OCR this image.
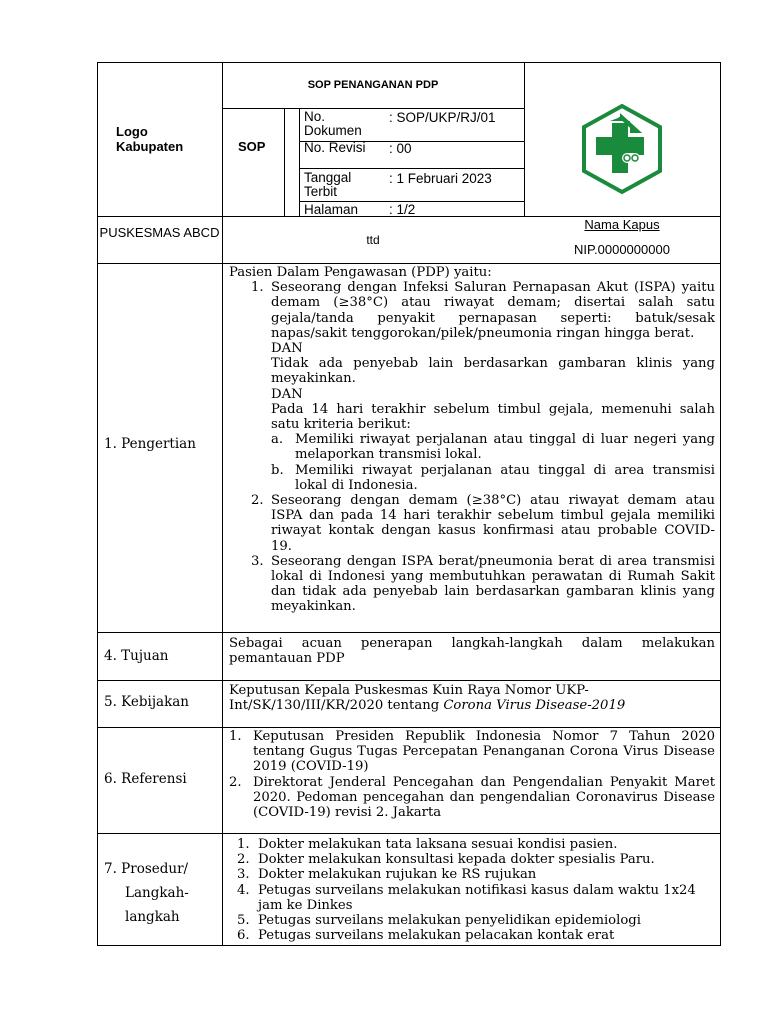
Logo
Kabupaten
SOP PENANGANAN PDP
SOP
No. Dokumen
: SOP/UKP/RJ/01
No. Revisi	: 00
Tanggal Terbit
: 1 Februari 2023
Halaman	: 1/2
PUSKESMAS ABCD	ttd
Nama Kapus
NIP.0000000000
1. Pengertian
Pasien Dalam Pengawasan (PDP) yaitu:
1. Seseorang dengan Infeksi Saluran Pernapasan Akut (ISPA) yaitu demam (≥38°C) atau riwayat demam; disertai salah satu gejala/tanda penyakit pernapasan seperti: batuk/sesak napas/sakit tenggorokan/pilek/pneumonia ringan hingga berat.
DAN
Tidak ada penyebab lain berdasarkan gambaran klinis yang meyakinkan.
DAN
Pada 14 hari terakhir sebelum timbul gejala, memenuhi salah satu kriteria berikut:
a. Memiliki riwayat perjalanan atau tinggal di luar negeri yang melaporkan transmisi lokal.
b. Memiliki riwayat perjalanan atau tinggal di area transmisi lokal di Indonesia.
2. Seseorang dengan demam (≥38°C) atau riwayat demam atau ISPA dan pada 14 hari terakhir sebelum timbul gejala memiliki riwayat kontak dengan kasus konfirmasi atau probable COVID-19.
3. Seseorang dengan ISPA berat/pneumonia berat di area transmisi lokal di Indonesi yang membutuhkan perawatan di Rumah Sakit dan tidak ada penyebab lain berdasarkan gambaran klinis yang meyakinkan.
4. Tujuan
Sebagai acuan penerapan langkah-langkah dalam melakukan pemantauan PDP
5. Kebijakan
Keputusan Kepala Puskesmas Kuin Raya Nomor UKP-Int/SK/130/III/KR/2020 tentang Corona Virus Disease-2019
6. Referensi
1. Keputusan Presiden Republik Indonesia Nomor 7 Tahun 2020 tentang Gugus Tugas Percepatan Penanganan Corona Virus Disease 2019 (COVID-19)
2. Direktorat Jenderal Pencegahan dan Pengendalian Penyakit Maret 2020. Pedoman pencegahan dan pengendalian Coronavirus Disease (COVID-19) revisi 2. Jakarta
7. Prosedur/
Langkah-
langkah
1. Dokter melakukan tata laksana sesuai kondisi pasien.
2. Dokter melakukan konsultasi kepada dokter spesialis Paru.
3. Dokter melakukan rujukan ke RS rujukan
4. Petugas surveilans melakukan notifikasi kasus dalam waktu 1x24 jam ke Dinkes
5. Petugas surveilans melakukan penyelidikan epidemiologi
6. Petugas surveilans melakukan pelacakan kontak erat
